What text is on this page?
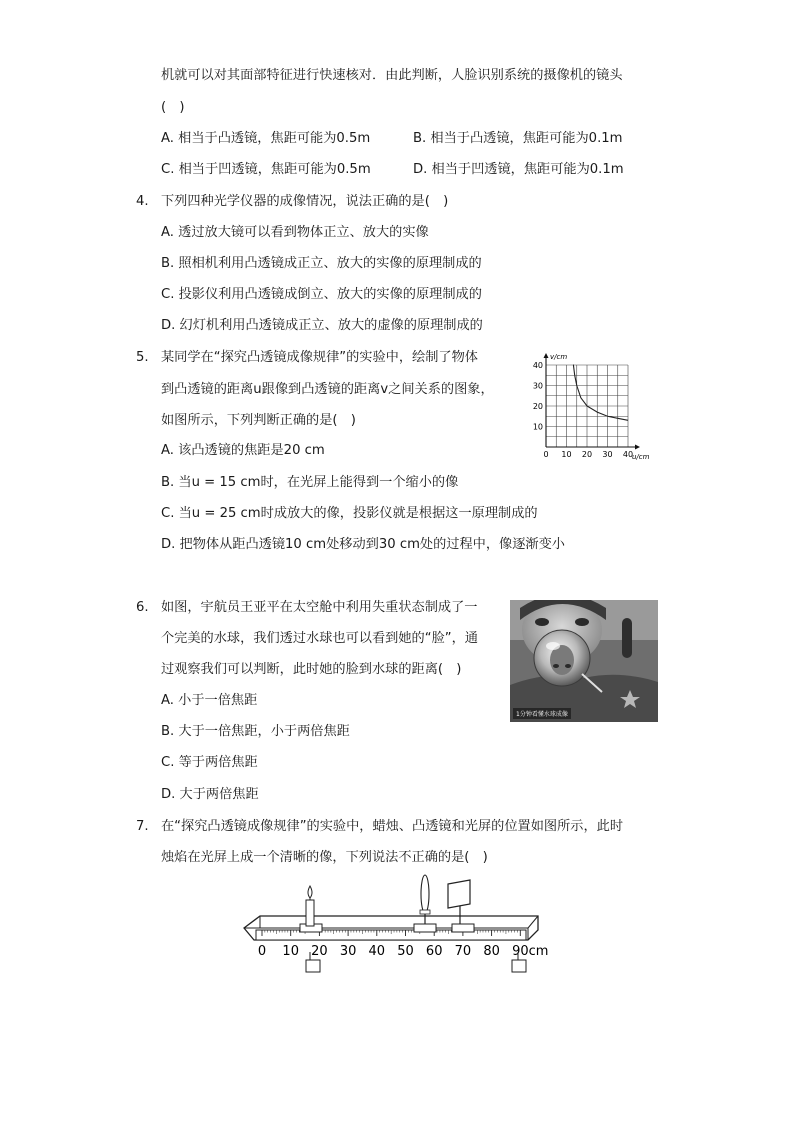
机就可以对其面部特征进行快速核对．由此判断，人脸识别系统的摄像机的镜头
(　)
A. 相当于凸透镜，焦距可能为0.5m	B. 相当于凸透镜，焦距可能为0.1m
C. 相当于凹透镜，焦距可能为0.5m	D. 相当于凹透镜，焦距可能为0.1m
4. 下列四种光学仪器的成像情况，说法正确的是(　)
A. 透过放大镜可以看到物体正立、放大的实像
B. 照相机利用凸透镜成正立、放大的实像的原理制成的
C. 投影仪利用凸透镜成倒立、放大的实像的原理制成的
D. 幻灯机利用凸透镜成正立、放大的虚像的原理制成的
5. 某同学在“探究凸透镜成像规律”的实验中，绘制了物体
到凸透镜的距离u跟像到凸透镜的距离v之间关系的图象，
如图所示，下列判断正确的是(　)
A. 该凸透镜的焦距是20 cm
B. 当u = 15 cm时，在光屏上能得到一个缩小的像
C. 当u = 25 cm时成放大的像，投影仪就是根据这一原理制成的
D. 把物体从距凸透镜10 cm处移动到30 cm处的过程中，像逐渐变小
0 10 20 30 40
10
20
30
40
v/cm
u/cm
6. 如图，宇航员王亚平在太空舱中利用失重状态制成了一
个完美的水球，我们透过水球也可以看到她的“脸”，通
过观察我们可以判断，此时她的脸到水球的距离(　)
A. 小于一倍焦距
B. 大于一倍焦距，小于两倍焦距
C. 等于两倍焦距
D. 大于两倍焦距
1分钟看懂水球成像
7. 在“探究凸透镜成像规律”的实验中，蜡烛、凸透镜和光屏的位置如图所示，此时
烛焰在光屏上成一个清晰的像，下列说法不正确的是(　)
0 10 20 30 40 50 60 70 80 90cm
